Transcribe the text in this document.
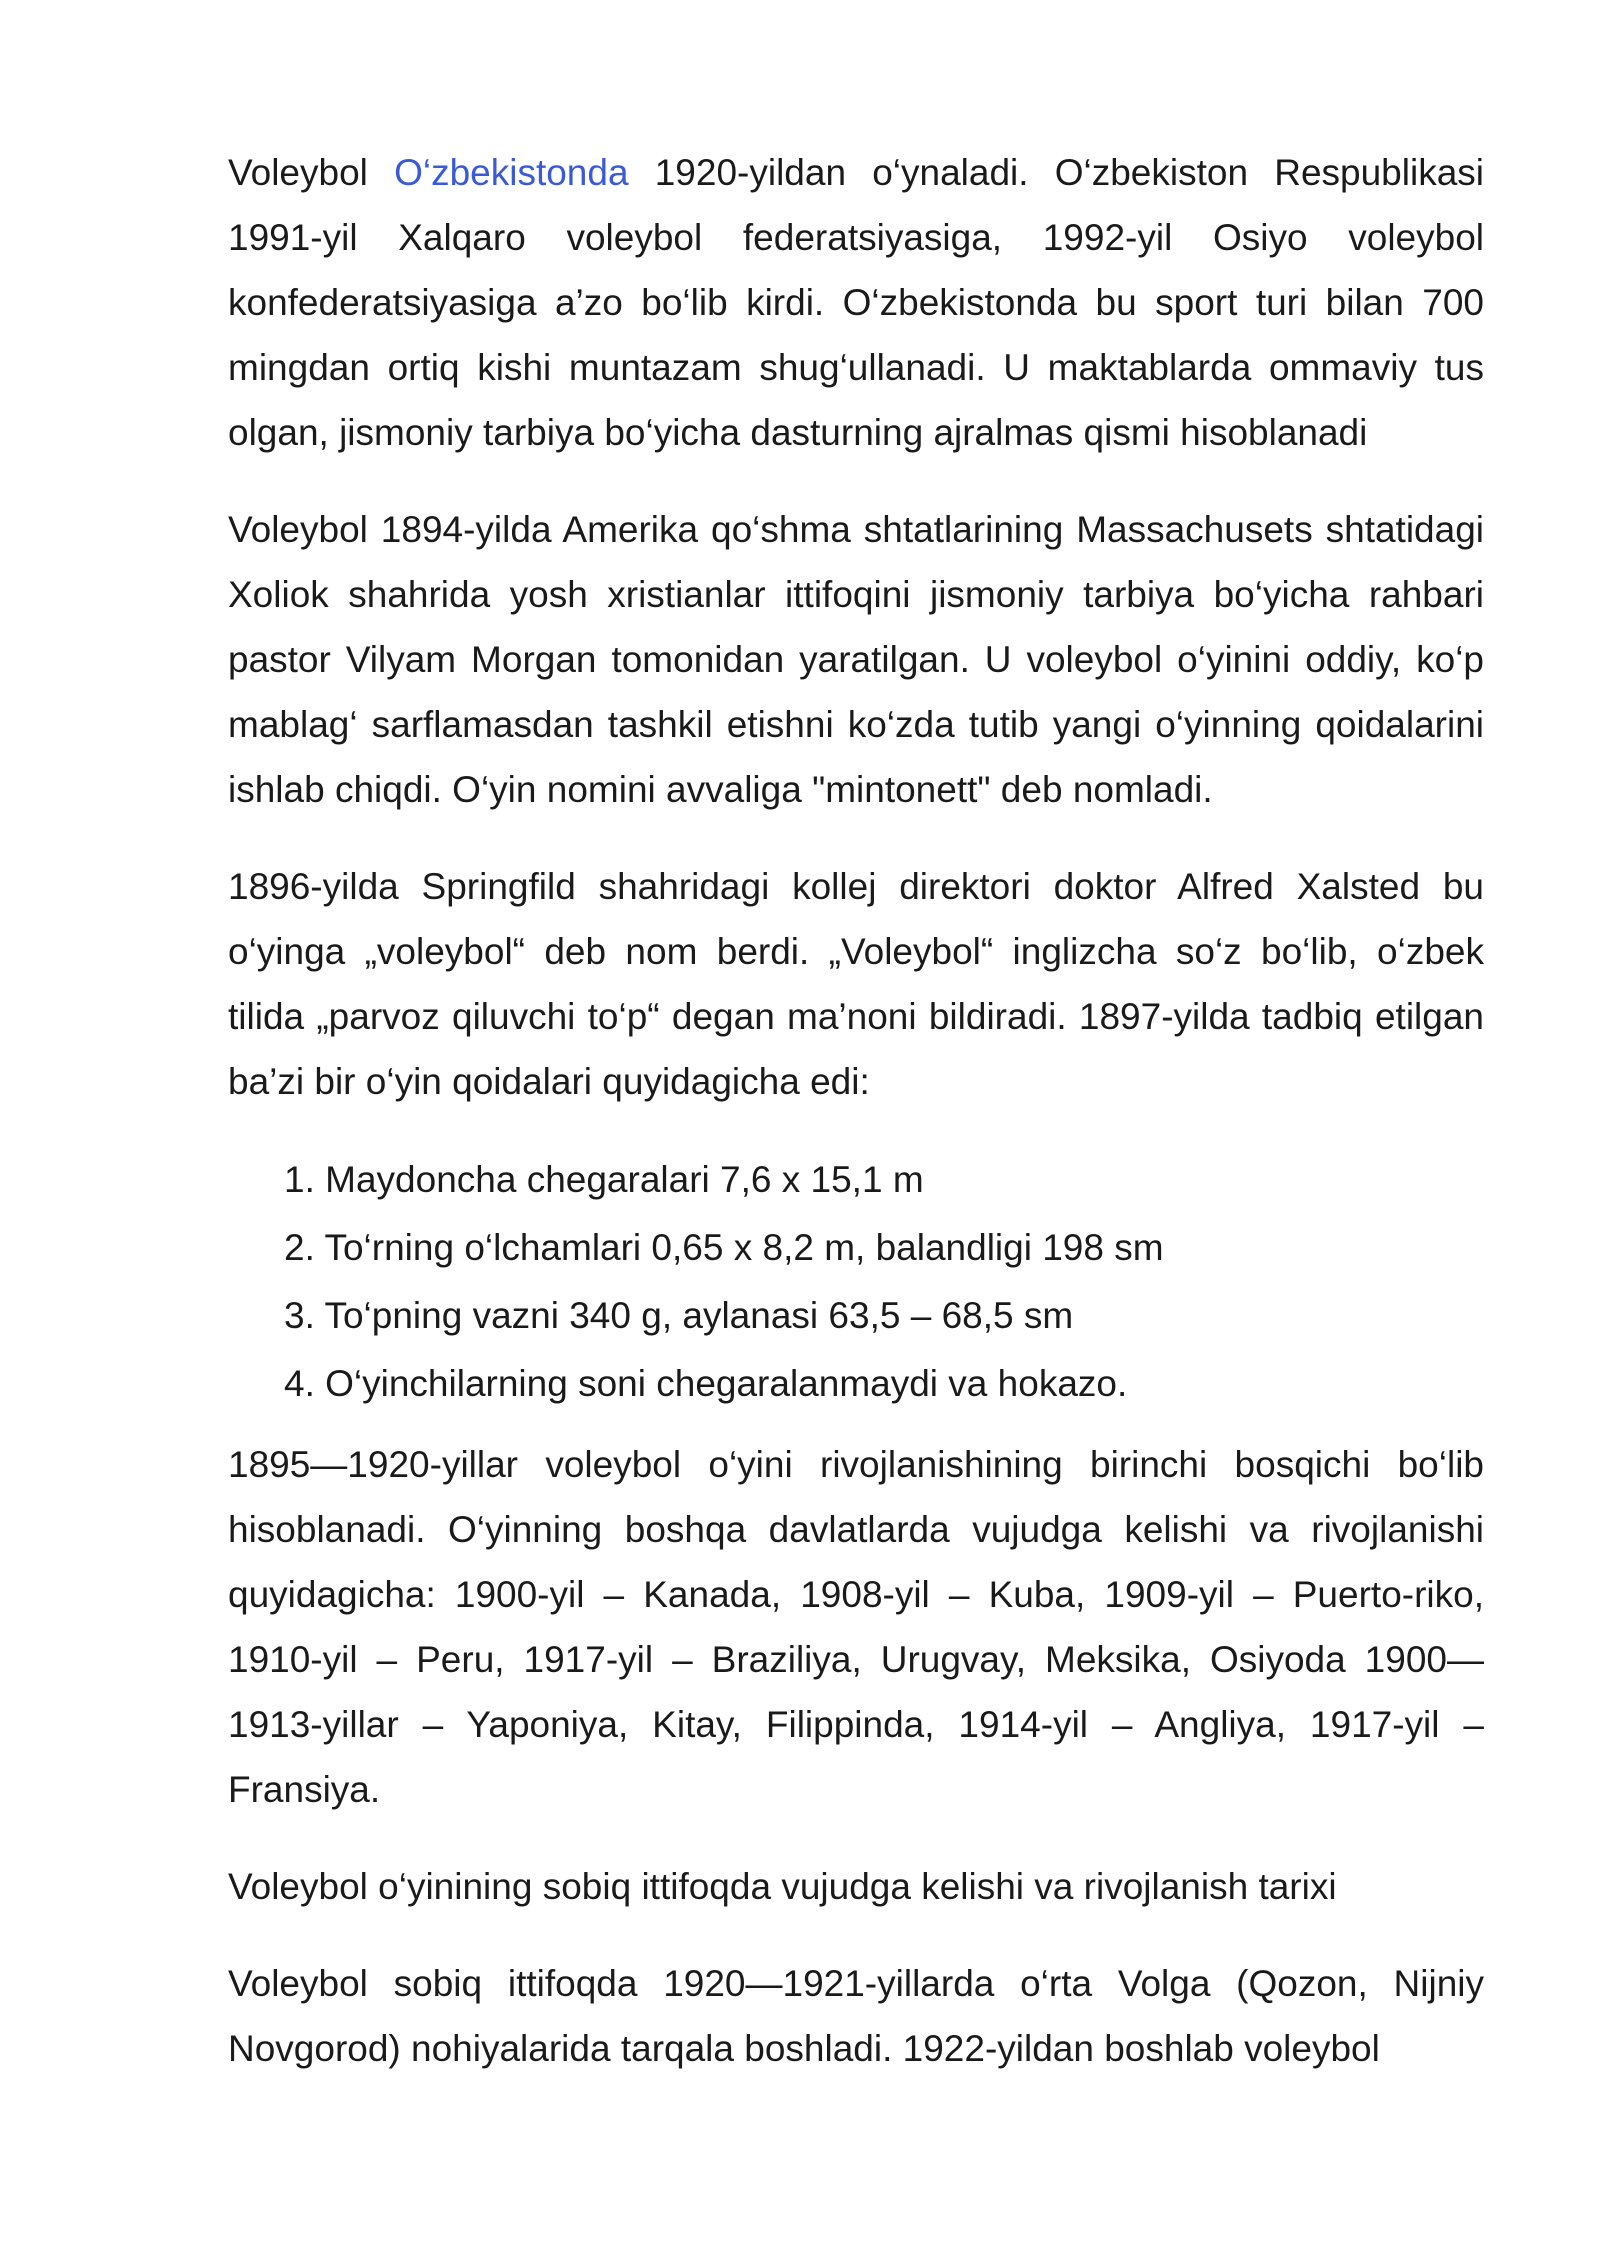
Voleybol O‘zbekistonda 1920-yildan o‘ynaladi. O‘zbekiston Respublikasi 1991-yil Xalqaro voleybol federatsiyasiga, 1992-yil Osiyo voleybol konfederatsiyasiga a’zo bo‘lib kirdi. O‘zbekistonda bu sport turi bilan 700 mingdan ortiq kishi muntazam shug‘ullanadi. U maktablarda ommaviy tus olgan, jismoniy tarbiya bo‘yicha dasturning ajralmas qismi hisoblanadi

Voleybol 1894-yilda Amerika qo‘shma shtatlarining Massachusets shtatidagi Xoliok shahrida yosh xristianlar ittifoqini jismoniy tarbiya bo‘yicha rahbari pastor Vilyam Morgan tomonidan yaratilgan. U voleybol o‘yinini oddiy, ko‘p mablag‘ sarflamasdan tashkil etishni ko‘zda tutib yangi o‘yinning qoidalarini ishlab chiqdi. O‘yin nomini avvaliga "mintonett" deb nomladi.

1896-yilda Springfild shahridagi kollej direktori doktor Alfred Xalsted bu o‘yinga „voleybol“ deb nom berdi. „Voleybol“ inglizcha so‘z bo‘lib, o‘zbek tilida „parvoz qiluvchi to‘p“ degan ma’noni bildiradi. 1897-yilda tadbiq etilgan ba’zi bir o‘yin qoidalari quyidagicha edi:

1. Maydoncha chegaralari 7,6 x 15,1 m
2. To‘rning o‘lchamlari 0,65 x 8,2 m, balandligi 198 sm
3. To‘pning vazni 340 g, aylanasi 63,5 – 68,5 sm
4. O‘yinchilarning soni chegaralanmaydi va hokazo.

1895—1920-yillar voleybol o‘yini rivojlanishining birinchi bosqichi bo‘lib hisoblanadi. O‘yinning boshqa davlatlarda vujudga kelishi va rivojlanishi quyidagicha: 1900-yil – Kanada, 1908-yil – Kuba, 1909-yil – Puerto-riko, 1910-yil – Peru, 1917-yil – Braziliya, Urugvay, Meksika, Osiyoda 1900—1913-yillar – Yaponiya, Kitay, Filippinda, 1914-yil – Angliya, 1917-yil – Fransiya.

Voleybol o‘yinining sobiq ittifoqda vujudga kelishi va rivojlanish tarixi

Voleybol sobiq ittifoqda 1920—1921-yillarda o‘rta Volga (Qozon, Nijniy Novgorod) nohiyalarida tarqala boshladi. 1922-yildan boshlab voleybol
